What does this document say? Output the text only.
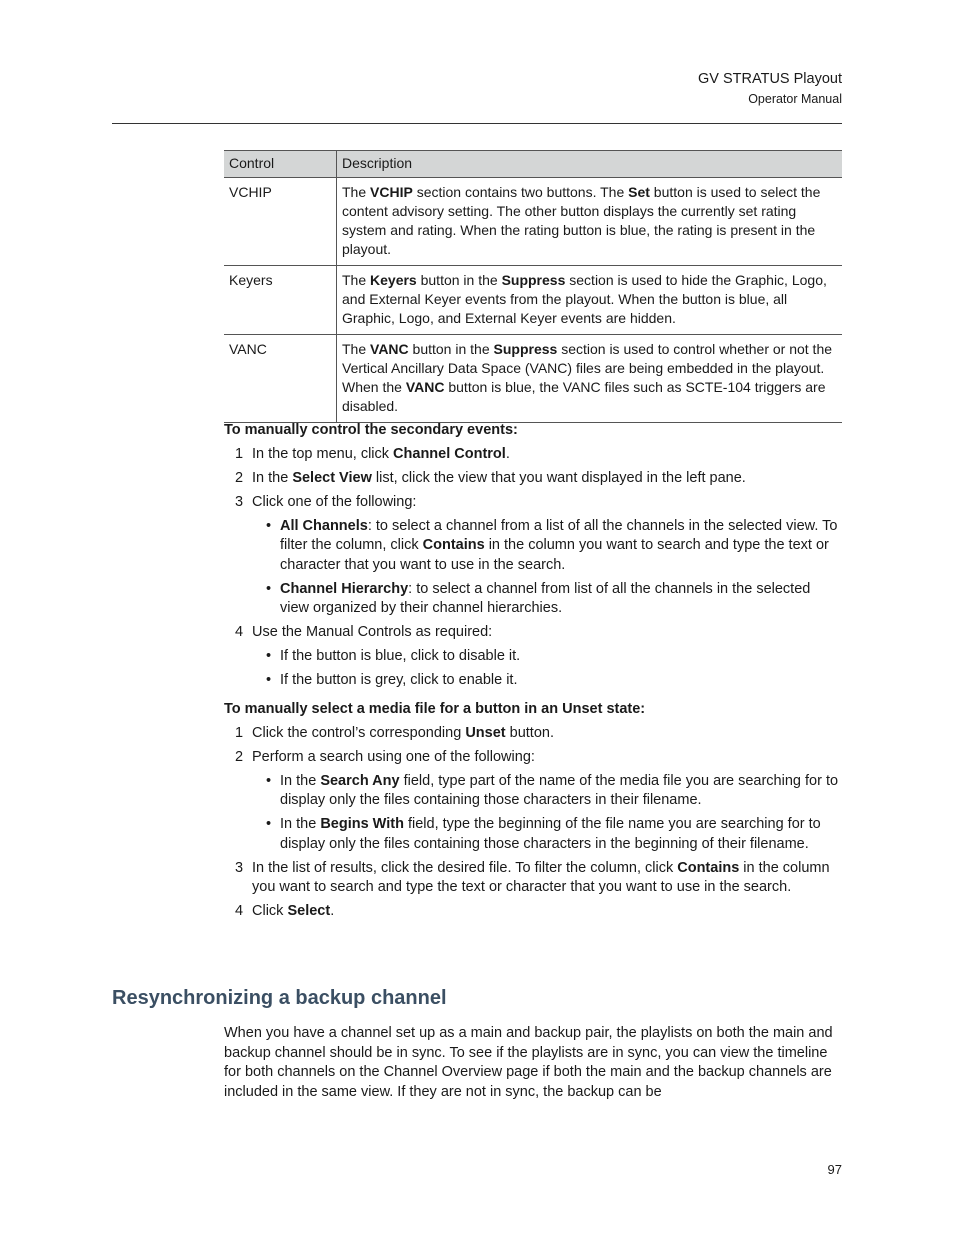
GV STRATUS Playout
Operator Manual
Control	Description
VCHIP	The VCHIP section contains two buttons. The Set button is used to select the content advisory setting. The other button displays the currently set rating system and rating. When the rating button is blue, the rating is present in the playout.
Keyers	The Keyers button in the Suppress section is used to hide the Graphic, Logo, and External Keyer events from the playout. When the button is blue, all Graphic, Logo, and External Keyer events are hidden.
VANC	The VANC button in the Suppress section is used to control whether or not the Vertical Ancillary Data Space (VANC) files are being embedded in the playout. When the VANC button is blue, the VANC files such as SCTE-104 triggers are disabled.
To manually control the secondary events:
1 In the top menu, click Channel Control.
2 In the Select View list, click the view that you want displayed in the left pane.
3 Click one of the following:
• All Channels: to select a channel from a list of all the channels in the selected view. To filter the column, click Contains in the column you want to search and type the text or character that you want to use in the search.
• Channel Hierarchy: to select a channel from list of all the channels in the selected view organized by their channel hierarchies.
4 Use the Manual Controls as required:
• If the button is blue, click to disable it.
• If the button is grey, click to enable it.
To manually select a media file for a button in an Unset state:
1 Click the control’s corresponding Unset button.
2 Perform a search using one of the following:
• In the Search Any field, type part of the name of the media file you are searching for to display only the files containing those characters in their filename.
• In the Begins With field, type the beginning of the file name you are searching for to display only the files containing those characters in the beginning of their filename.
3 In the list of results, click the desired file. To filter the column, click Contains in the column you want to search and type the text or character that you want to use in the search.
4 Click Select.
Resynchronizing a backup channel
When you have a channel set up as a main and backup pair, the playlists on both the main and backup channel should be in sync. To see if the playlists are in sync, you can view the timeline for both channels on the Channel Overview page if both the main and the backup channels are included in the same view. If they are not in sync, the backup can be
97
